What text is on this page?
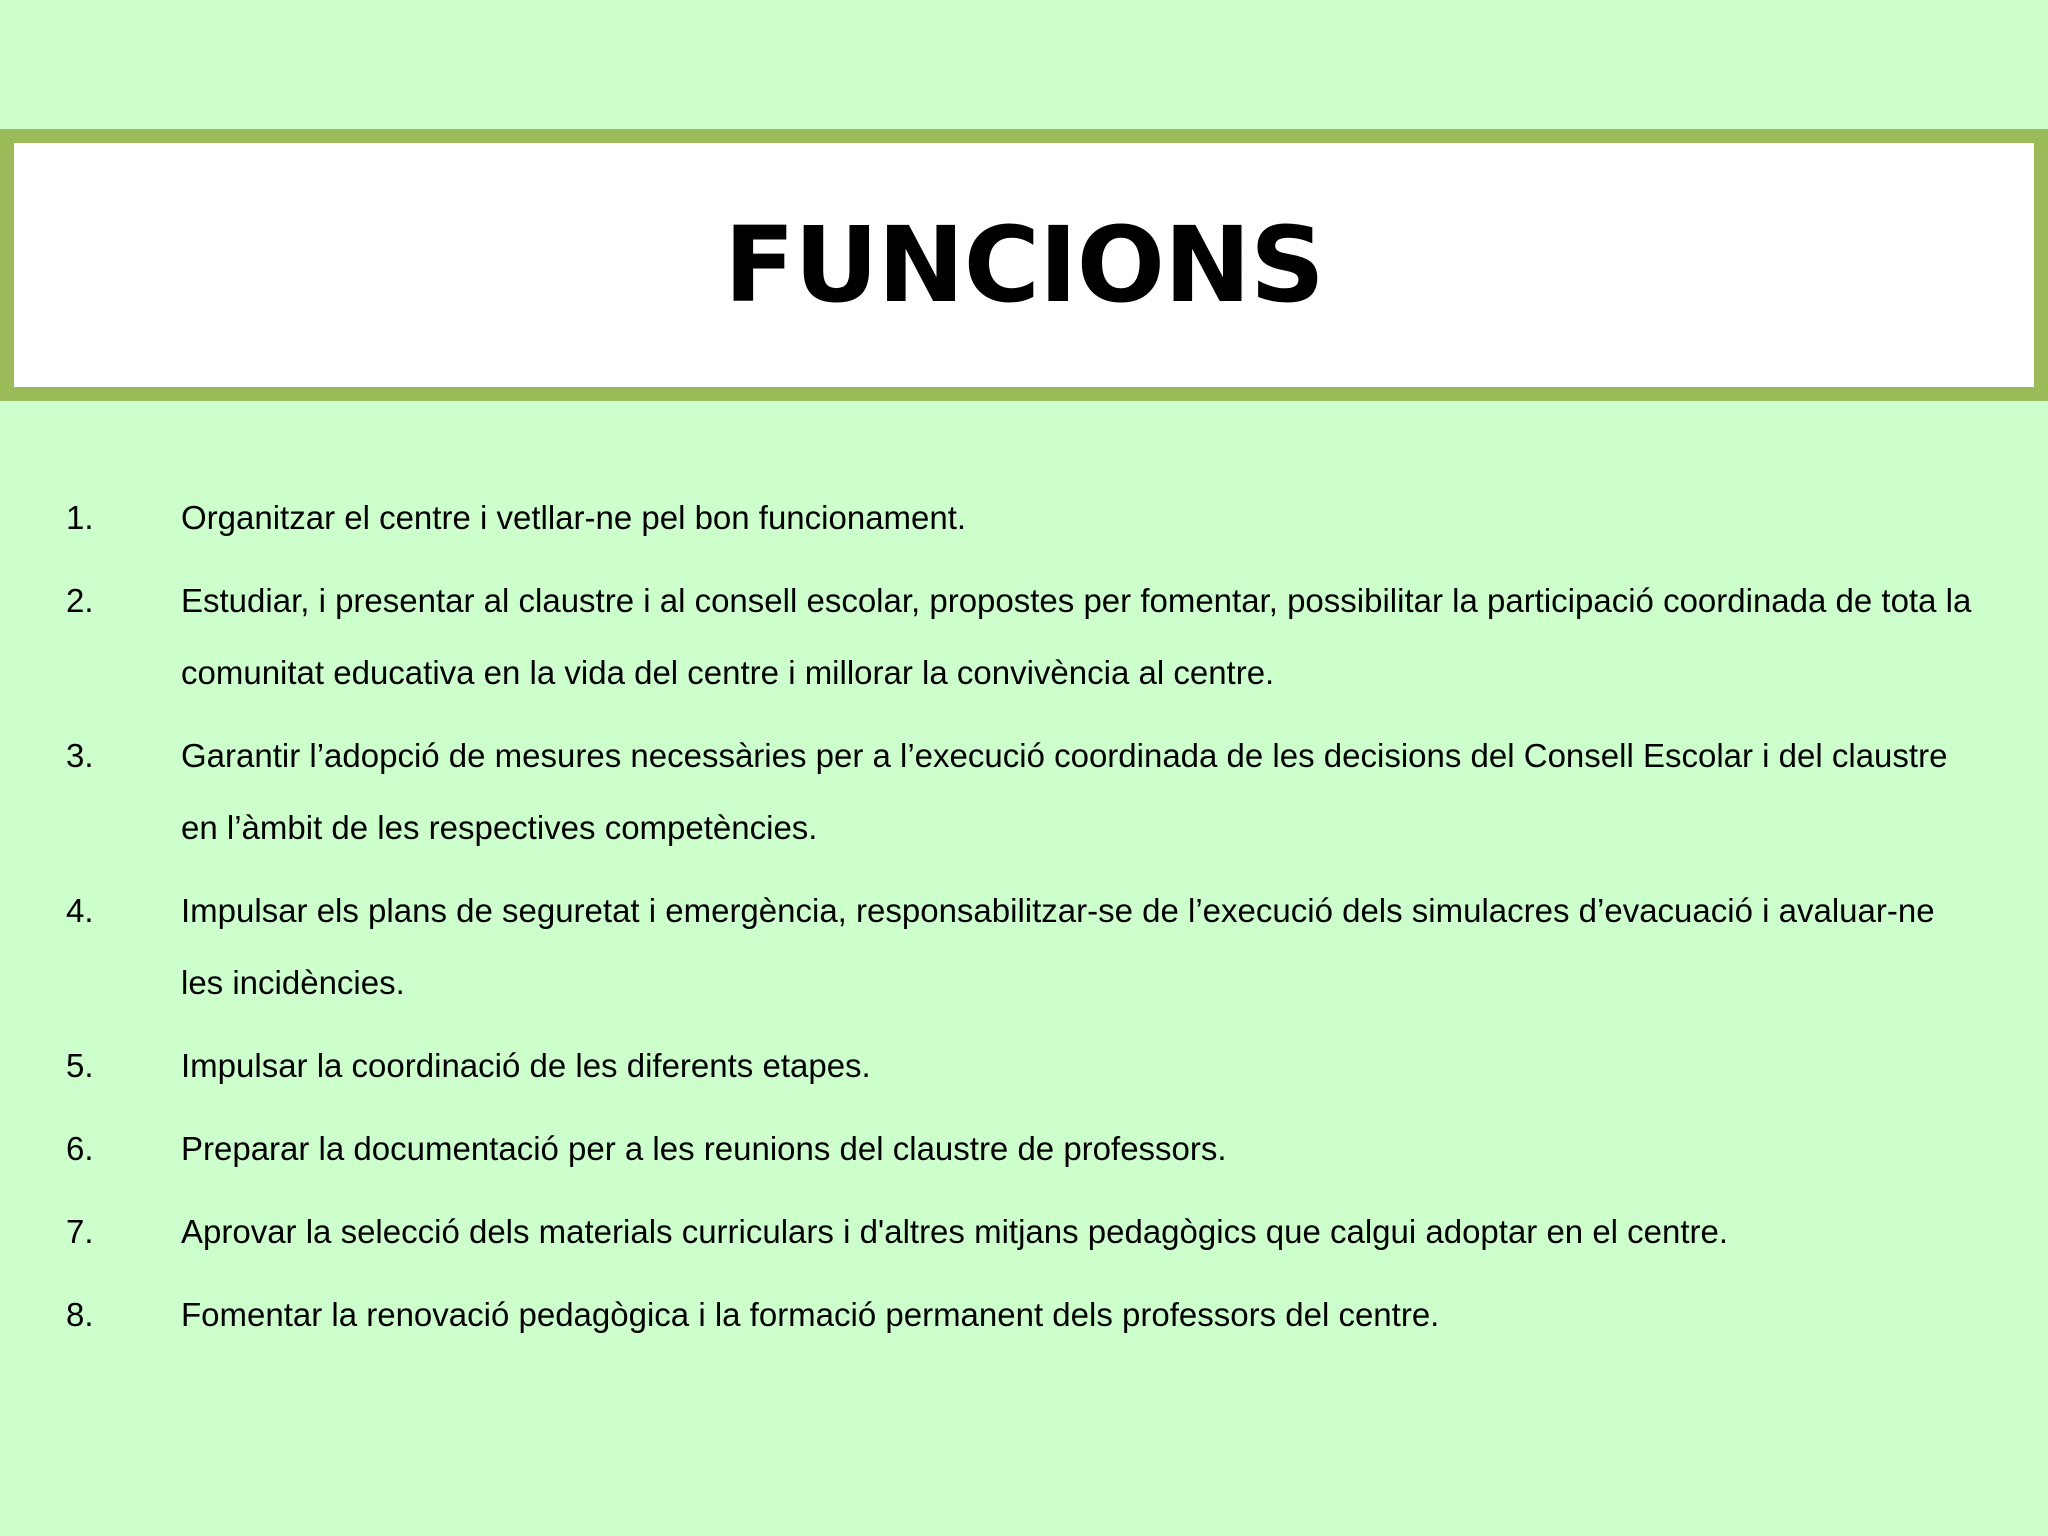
FUNCIONS
1.	Organitzar el centre i vetllar-ne pel bon funcionament.
2.	Estudiar, i presentar al claustre i al consell escolar, propostes per fomentar, possibilitar la participació coordinada de tota la comunitat educativa en la vida del centre i millorar la convivència al centre.
3.	Garantir l’adopció de mesures necessàries per a l’execució coordinada de les decisions del Consell Escolar i del claustre en l’àmbit de les respectives competències.
4.	Impulsar els plans de seguretat i emergència, responsabilitzar-se de l’execució dels simulacres d’evacuació i avaluar-ne les incidències.
5.	Impulsar la coordinació de les diferents etapes.
6.	Preparar la documentació per a les reunions del claustre de professors.
7.	Aprovar la selecció dels materials curriculars i d'altres mitjans pedagògics que calgui adoptar en el centre.
8.	Fomentar la renovació pedagògica i la formació permanent dels professors del centre.
